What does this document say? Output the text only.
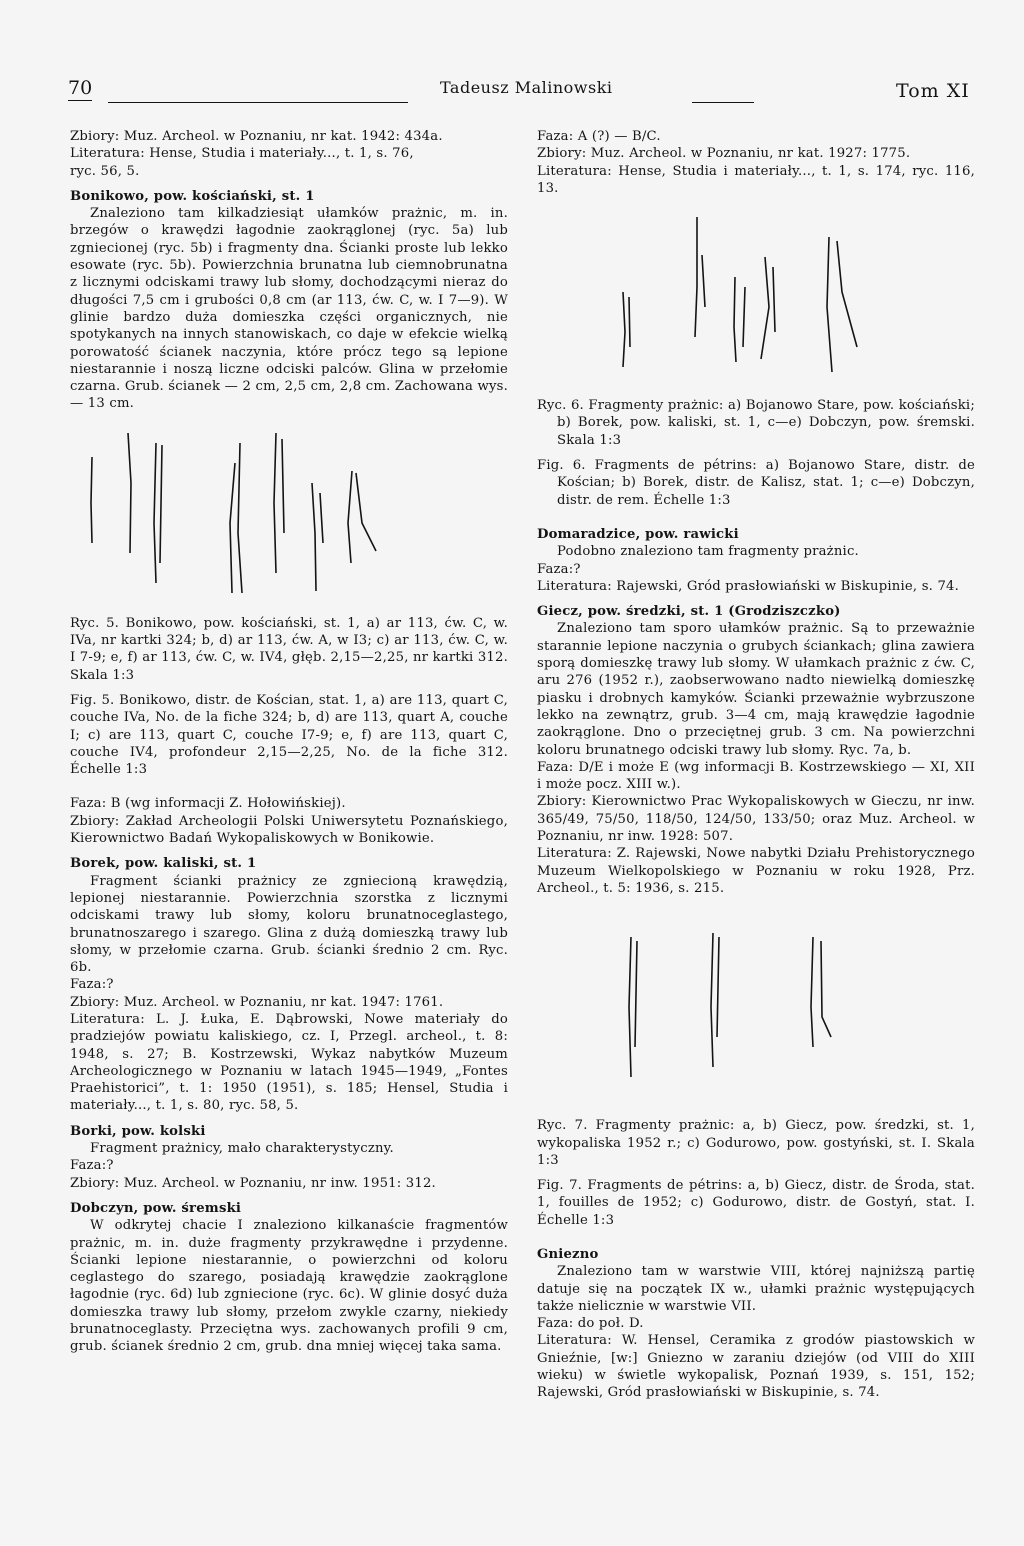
70	Tadeusz Malinowski	Tom XI

Zbiory: Muz. Archeol. w Poznaniu, nr kat. 1942: 434a.

Literatura: Hense, Studia i materiały..., t. 1, s. 76,

ryc. 56, 5.

Bonikowo, pow. kościański, st. 1

Znaleziono tam kilkadziesiąt ułamków prażnic, m. in. brzegów o krawędzi łagodnie zaokrąglonej (ryc. 5a) lub zgniecionej (ryc. 5b) i fragmenty dna. Ścianki proste lub lekko esowate (ryc. 5b). Powierzchnia brunatna lub ciemnobrunatna z licznymi odciskami trawy lub słomy, dochodzącymi nieraz do długości 7,5 cm i grubości 0,8 cm (ar 113, ćw. C, w. I 7—9). W glinie bardzo duża domieszka części organicznych, nie spotykanych na innych stanowiskach, co daje w efekcie wielką porowatość ścianek naczynia, które prócz tego są lepione niestarannie i noszą liczne odciski palców. Glina w przełomie czarna. Grub. ścianek — 2 cm, 2,5 cm, 2,8 cm. Zachowana wys. — 13 cm.

Ryc. 5. Bonikowo, pow. kościański, st. 1, a) ar 113, ćw. C, w. IVa, nr kartki 324; b, d) ar 113, ćw. A, w I3; c) ar 113, ćw. C, w. I 7-9; e, f) ar 113, ćw. C, w. IV4, głęb. 2,15—2,25, nr kartki 312. Skala 1:3

Fig. 5. Bonikowo, distr. de Kościan, stat. 1, a) are 113, quart C, couche IVa, No. de la fiche 324; b, d) are 113, quart A, couche I; c) are 113, quart C, couche I7-9; e, f) are 113, quart C, couche IV4, profondeur 2,15—2,25, No. de la fiche 312. Échelle 1:3

Faza: B (wg informacji Z. Hołowińskiej).

Zbiory: Zakład Archeologii Polski Uniwersytetu Poznańskiego, Kierownictwo Badań Wykopaliskowych w Bonikowie.

Borek, pow. kaliski, st. 1

Fragment ścianki prażnicy ze zgniecioną krawędzią, lepionej niestarannie. Powierzchnia szorstka z licznymi odciskami trawy lub słomy, koloru brunatnoceglastego, brunatnoszarego i szarego. Glina z dużą domieszką trawy lub słomy, w przełomie czarna. Grub. ścianki średnio 2 cm. Ryc. 6b.

Faza:?

Zbiory: Muz. Archeol. w Poznaniu, nr kat. 1947: 1761.

Literatura: L. J. Łuka, E. Dąbrowski, Nowe materiały do pradziejów powiatu kaliskiego, cz. I, Przegl. archeol., t. 8: 1948, s. 27; B. Kostrzewski, Wykaz nabytków Muzeum Archeologicznego w Poznaniu w latach 1945—1949, „Fontes Praehistorici”, t. 1: 1950 (1951), s. 185; Hensel, Studia i materiały..., t. 1, s. 80, ryc. 58, 5.

Borki, pow. kolski

Fragment prażnicy, mało charakterystyczny.

Faza:?

Zbiory: Muz. Archeol. w Poznaniu, nr inw. 1951: 312.

Dobczyn, pow. śremski

W odkrytej chacie I znaleziono kilkanaście fragmentów prażnic, m. in. duże fragmenty przykrawędne i przydenne. Ścianki lepione niestarannie, o powierzchni od koloru ceglastego do szarego, posiadają krawędzie zaokrąglone łagodnie (ryc. 6d) lub zgniecione (ryc. 6c). W glinie dosyć duża domieszka trawy lub słomy, przełom zwykle czarny, niekiedy brunatnoceglasty. Przeciętna wys. zachowanych profili 9 cm, grub. ścianek średnio 2 cm, grub. dna mniej więcej taka sama.

Faza: A (?) — B/C.

Zbiory: Muz. Archeol. w Poznaniu, nr kat. 1927: 1775.

Literatura: Hense, Studia i materiały..., t. 1, s. 174, ryc. 116, 13.

Ryc. 6. Fragmenty prażnic: a) Bojanowo Stare, pow. kościański; b) Borek, pow. kaliski, st. 1, c—e) Dobczyn, pow. śremski. Skala 1:3

Fig. 6. Fragments de pétrins: a) Bojanowo Stare, distr. de Kościan; b) Borek, distr. de Kalisz, stat. 1; c—e) Dobczyn, distr. de rem. Échelle 1:3

Domaradzice, pow. rawicki

Podobno znaleziono tam fragmenty prażnic.

Faza:?

Literatura: Rajewski, Gród prasłowiański w Biskupinie, s. 74.

Giecz, pow. średzki, st. 1 (Grodziszczko)

Znaleziono tam sporo ułamków prażnic. Są to przeważnie starannie lepione naczynia o grubych ściankach; glina zawiera sporą domieszkę trawy lub słomy. W ułamkach prażnic z ćw. C, aru 276 (1952 r.), zaobserwowano nadto niewielką domieszkę piasku i drobnych kamyków. Ścianki przeważnie wybrzuszone lekko na zewnątrz, grub. 3—4 cm, mają krawędzie łagodnie zaokrąglone. Dno o przeciętnej grub. 3 cm. Na powierzchni koloru brunatnego odciski trawy lub słomy. Ryc. 7a, b.

Faza: D/E i może E (wg informacji B. Kostrzewskiego — XI, XII i może pocz. XIII w.).

Zbiory: Kierownictwo Prac Wykopaliskowych w Gieczu, nr inw. 365/49, 75/50, 118/50, 124/50, 133/50; oraz Muz. Archeol. w Poznaniu, nr inw. 1928: 507.

Literatura: Z. Rajewski, Nowe nabytki Działu Prehistorycznego Muzeum Wielkopolskiego w Poznaniu w roku 1928, Prz. Archeol., t. 5: 1936, s. 215.

Ryc. 7. Fragmenty prażnic: a, b) Giecz, pow. średzki, st. 1, wykopaliska 1952 r.; c) Godurowo, pow. gostyński, st. I. Skala 1:3

Fig. 7. Fragments de pétrins: a, b) Giecz, distr. de Środa, stat. 1, fouilles de 1952; c) Godurowo, distr. de Gostyń, stat. I. Échelle 1:3

Gniezno

Znaleziono tam w warstwie VIII, której najniższą partię datuje się na początek IX w., ułamki prażnic występujących także nielicznie w warstwie VII.

Faza: do poł. D.

Literatura: W. Hensel, Ceramika z grodów piastowskich w Gnieźnie, [w:] Gniezno w zaraniu dziejów (od VIII do XIII wieku) w świetle wykopalisk, Poznań 1939, s. 151, 152; Rajewski, Gród prasłowiański w Biskupinie, s. 74.
